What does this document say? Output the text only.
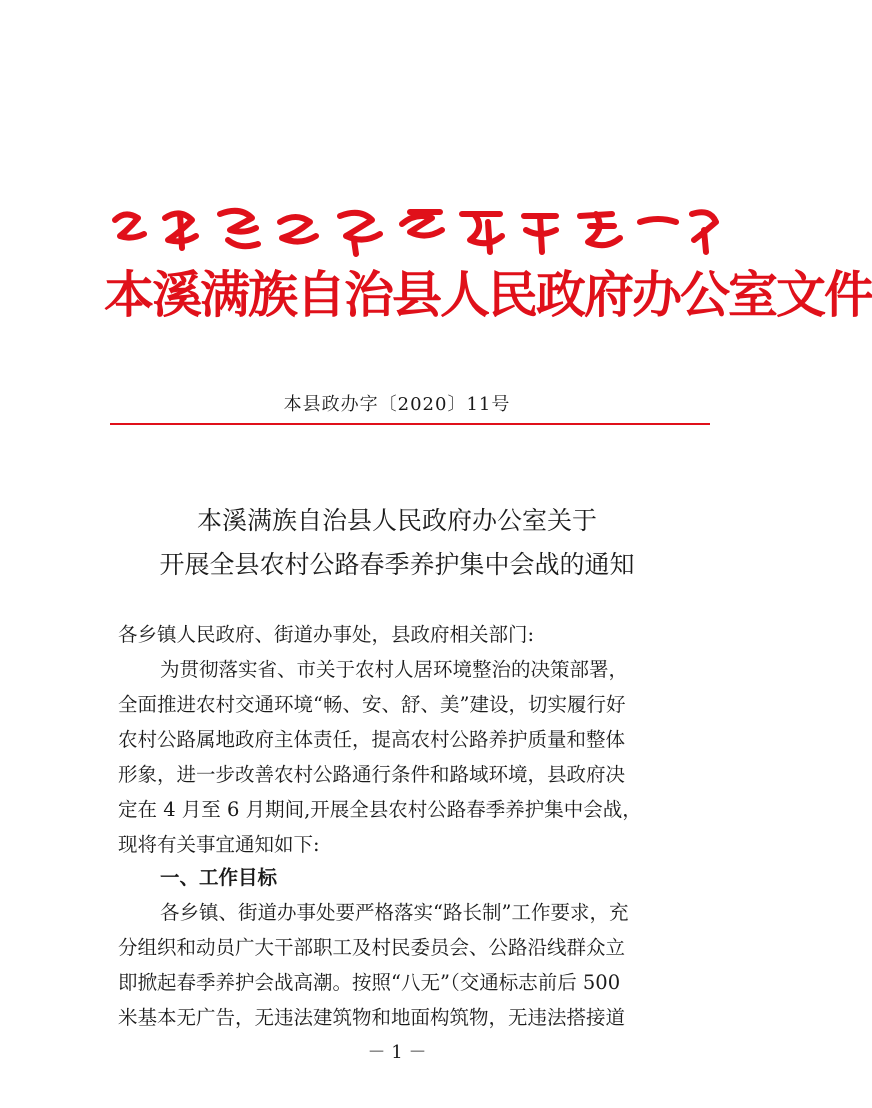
本溪满族自治县人民政府办公室文件
本县政办字〔2020〕11号
本溪满族自治县人民政府办公室关于
开展全县农村公路春季养护集中会战的通知
各乡镇人民政府、街道办事处，县政府相关部门:
为贯彻落实省、市关于农村人居环境整治的决策部署，
全面推进农村交通环境“畅、安、舒、美”建设，切实履行好
农村公路属地政府主体责任，提高农村公路养护质量和整体
形象，进一步改善农村公路通行条件和路域环境，县政府决
定在 4 月至 6 月期间,开展全县农村公路春季养护集中会战，
现将有关事宜通知如下:
一、工作目标
各乡镇、街道办事处要严格落实“路长制”工作要求，充
分组织和动员广大干部职工及村民委员会、公路沿线群众立
即掀起春季养护会战高潮。按照“八无”（交通标志前后 500
米基本无广告，无违法建筑物和地面构筑物，无违法搭接道
－ 1 －
